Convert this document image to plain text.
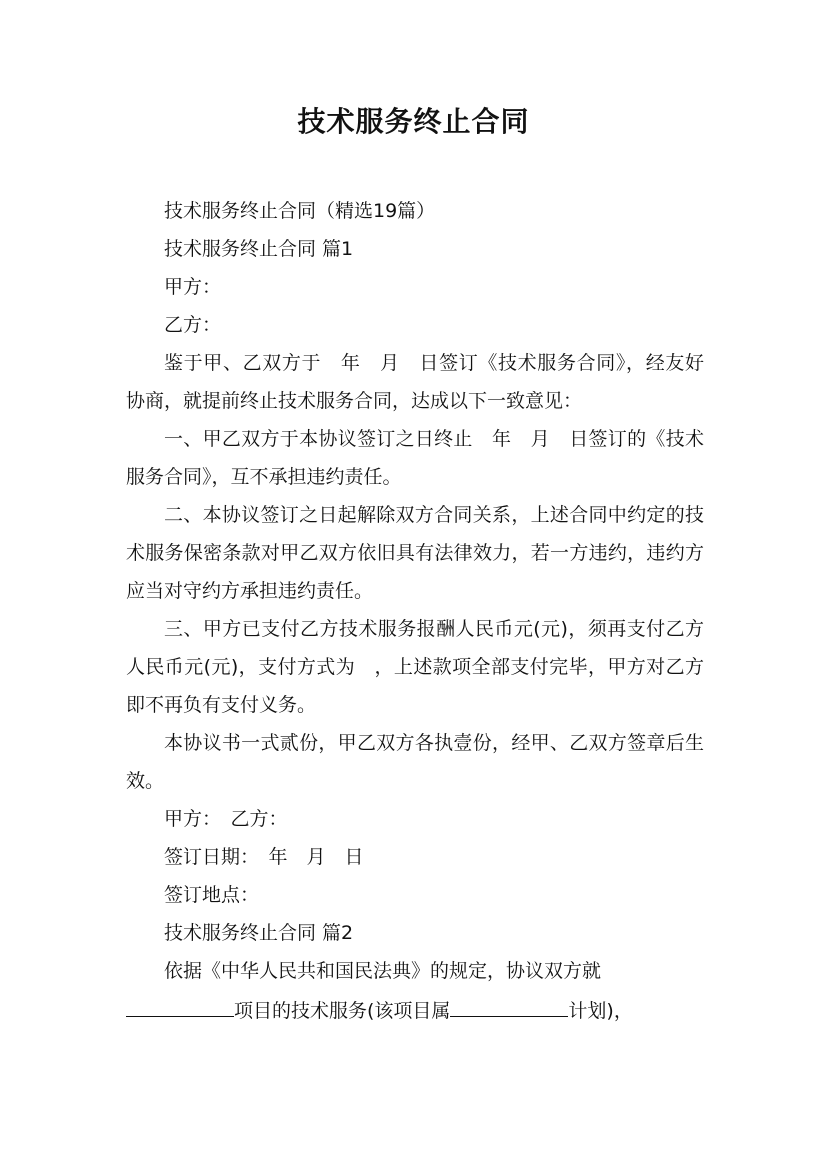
技术服务终止合同

技术服务终止合同（精选19篇）

技术服务终止合同 篇1

甲方：

乙方：

鉴于甲、乙双方于　年　月　日签订《技术服务合同》，经友好协商，就提前终止技术服务合同，达成以下一致意见：

一、甲乙双方于本协议签订之日终止　年　月　日签订的《技术服务合同》，互不承担违约责任。

二、本协议签订之日起解除双方合同关系，上述合同中约定的技术服务保密条款对甲乙双方依旧具有法律效力，若一方违约，违约方应当对守约方承担违约责任。

三、甲方已支付乙方技术服务报酬人民币元(元)，须再支付乙方人民币元(元)，支付方式为　，上述款项全部支付完毕，甲方对乙方即不再负有支付义务。

本协议书一式贰份，甲乙双方各执壹份，经甲、乙双方签章后生效。

甲方：　乙方：

签订日期：　年　月　日

签订地点：

技术服务终止合同 篇2

依据《中华人民共和国民法典》的规定，协议双方就

项目的技术服务(该项目属	计划)，
